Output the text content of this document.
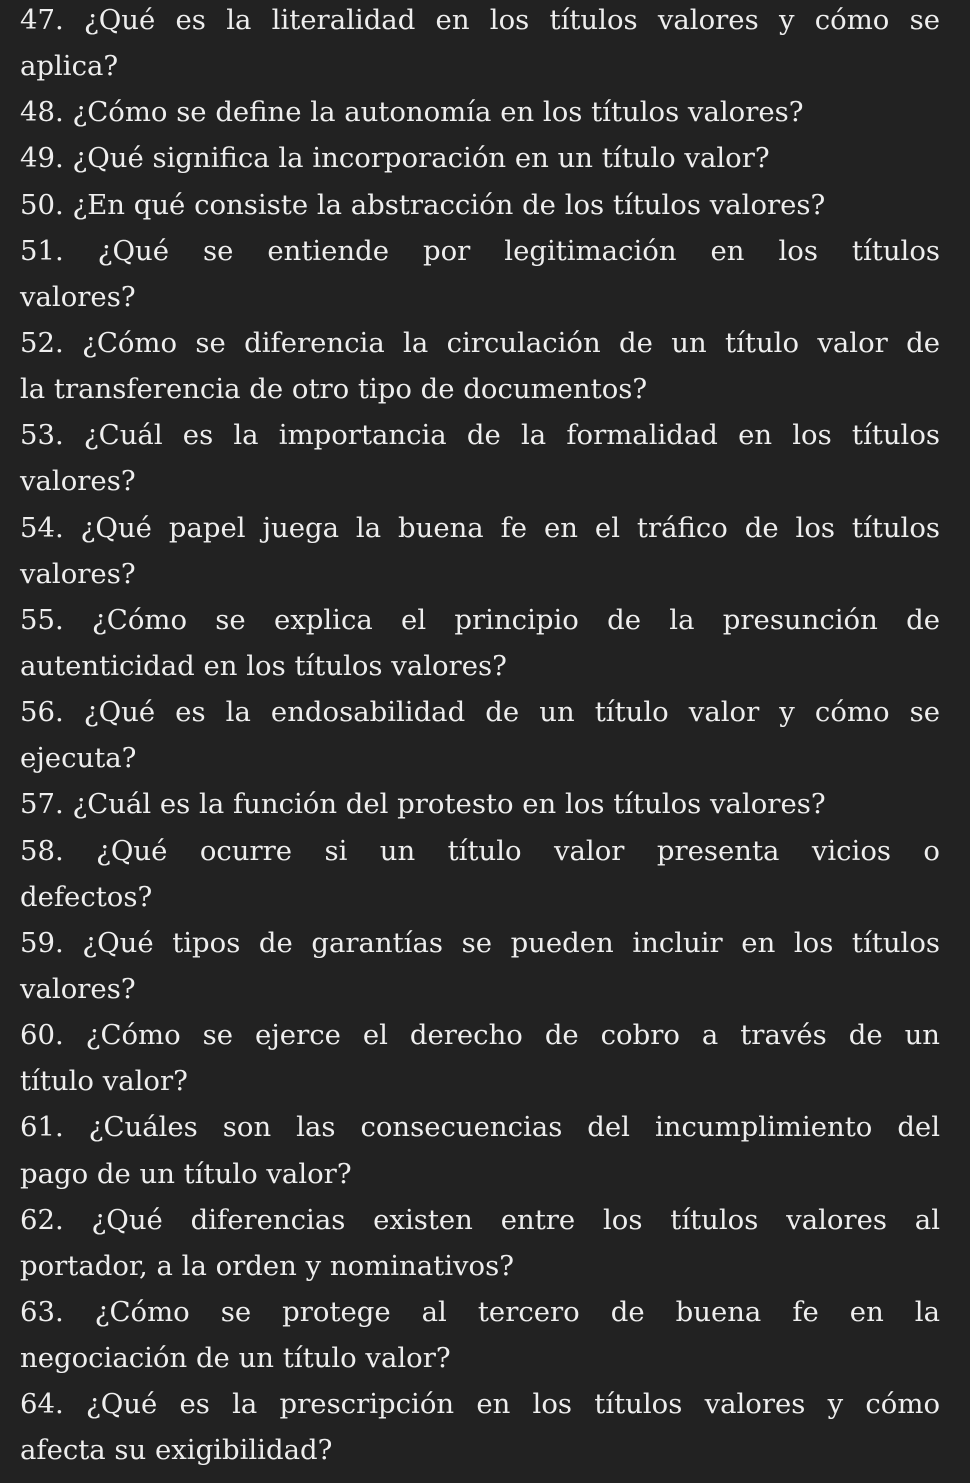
47. ¿Qué es la literalidad en los títulos valores y cómo se
aplica?
48. ¿Cómo se define la autonomía en los títulos valores?
49. ¿Qué significa la incorporación en un título valor?
50. ¿En qué consiste la abstracción de los títulos valores?
51. ¿Qué se entiende por legitimación en los títulos
valores?
52. ¿Cómo se diferencia la circulación de un título valor de
la transferencia de otro tipo de documentos?
53. ¿Cuál es la importancia de la formalidad en los títulos
valores?
54. ¿Qué papel juega la buena fe en el tráfico de los títulos
valores?
55. ¿Cómo se explica el principio de la presunción de
autenticidad en los títulos valores?
56. ¿Qué es la endosabilidad de un título valor y cómo se
ejecuta?
57. ¿Cuál es la función del protesto en los títulos valores?
58. ¿Qué ocurre si un título valor presenta vicios o
defectos?
59. ¿Qué tipos de garantías se pueden incluir en los títulos
valores?
60. ¿Cómo se ejerce el derecho de cobro a través de un
título valor?
61. ¿Cuáles son las consecuencias del incumplimiento del
pago de un título valor?
62. ¿Qué diferencias existen entre los títulos valores al
portador, a la orden y nominativos?
63. ¿Cómo se protege al tercero de buena fe en la
negociación de un título valor?
64. ¿Qué es la prescripción en los títulos valores y cómo
afecta su exigibilidad?
